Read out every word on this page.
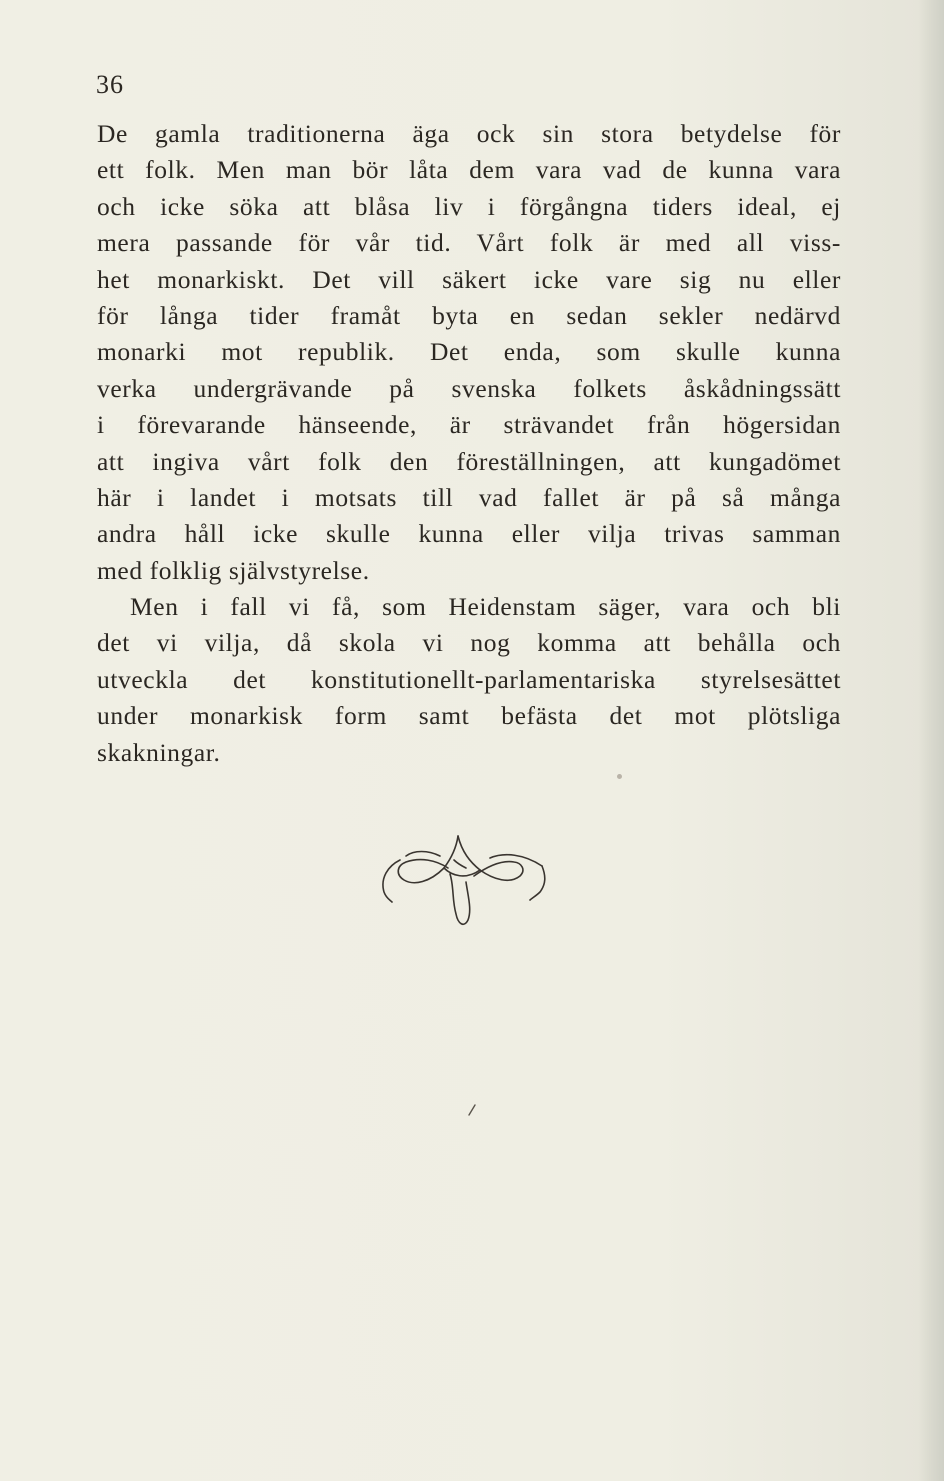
36
De gamla traditionerna äga ock sin stora betydelse för
ett folk. Men man bör låta dem vara vad de kunna vara
och icke söka att blåsa liv i förgångna tiders ideal, ej
mera passande för vår tid. Vårt folk är med all viss-
het monarkiskt. Det vill säkert icke vare sig nu eller
för långa tider framåt byta en sedan sekler nedärvd
monarki mot republik. Det enda, som skulle kunna
verka undergrävande på svenska folkets åskådningssätt
i förevarande hänseende, är strävandet från högersidan
att ingiva vårt folk den föreställningen, att kungadömet
här i landet i motsats till vad fallet är på så många
andra håll icke skulle kunna eller vilja trivas samman
med folklig självstyrelse.
Men i fall vi få, som Heidenstam säger, vara och bli
det vi vilja, då skola vi nog komma att behålla och
utveckla det konstitutionellt-parlamentariska styrelsesättet
under monarkisk form samt befästa det mot plötsliga
skakningar.
